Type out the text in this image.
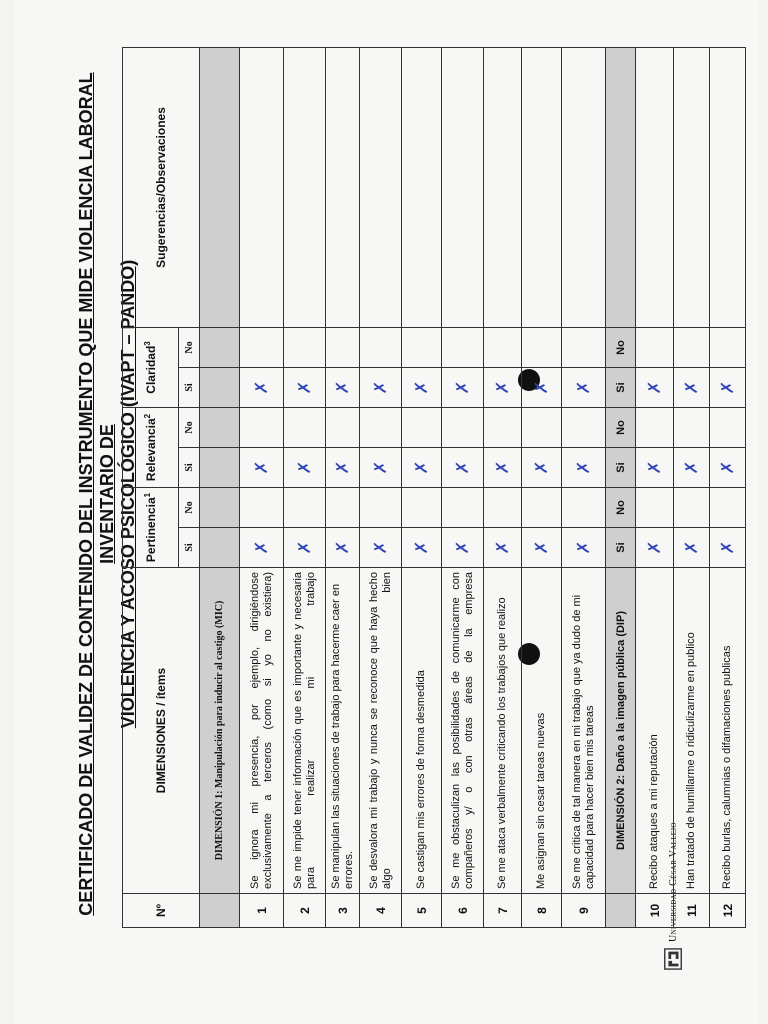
Universidad César Vallejo
CERTIFICADO DE VALIDEZ DE CONTENIDO DEL INSTRUMENTO QUE MIDE VIOLENCIA LABORAL INVENTARIO DE
VIOLENCIA Y ACOSO PSICOLÓGICO (IVAPT – PANDO)
Nº	DIMENSIONES / ítems	Pertinencia$^1$		Relevancia$^2$		Claridad$^3$		Sugerencias/Observaciones
		Si	No	Si	No	Si	No	
	DIMENSIÓN 1: Manipulación para inducir al castigo (MIC)							
1	Se ignora mi presencia, por ejemplo, dirigiéndose exclusivamente a terceros (como si yo no existiera)	✗		✗		✗		
2	Se me impide tener información que es importante y necesaria para realizar mi trabajo	✗		✗		✗		
3	Se manipulan las situaciones de trabajo para hacerme caer en errores.	✗		✗		✗		
4	Se desvalora mi trabajo y nunca se reconoce que haya hecho algo bien	✗		✗		✗		
5	Se castigan mis errores de forma desmedida	✗		✗		✗		
6	Se me obstaculizan las posibilidades de comunicarme con compañeros y/ o con otras áreas de la empresa	✗		✗		✗		
7	Se me ataca verbalmente criticando los trabajos que realizo	✗		✗		✗		
8	Me asignan sin cesar tareas nuevas	✗		✗		✗		
9	Se me critica de tal manera en mi trabajo que ya dudo de mi capacidad para hacer bien mis tareas	✗		✗		✗		
	DIMENSIÓN 2: Daño a la imagen pública (DIP)	Si	No	Si	No	Si	No	
10	Recibo ataques a mi reputación	✗		✗		✗		
11	Han tratado de humillarme o ridiculizarme en publico	✗		✗		✗		
12	Recibo burlas, calumnias o difamaciones publicas	✗		✗		✗		
